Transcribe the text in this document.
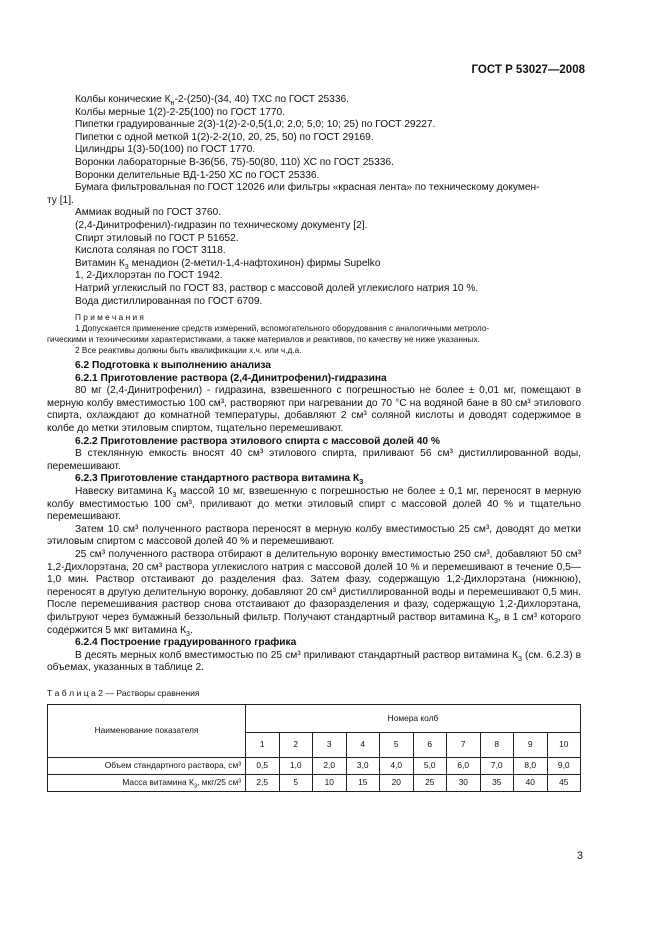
ГОСТ Р 53027—2008
Колбы конические $К_н-2-(250)-(34$, 40) ТХС по ГОСТ 25336.
Колбы мерные 1(2)-2-25(100) по ГОСТ 1770.
Пипетки градуированные 2(3)-1(2)-2-0,5(1,0; 2,0; 5,0; 10; 25) по ГОСТ 29227.
Пипетки с одной меткой 1(2)-2-2(10, 20, 25, 50) по ГОСТ 29169.
Цилиндры 1(3)-50(100) по ГОСТ 1770.
Воронки лабораторные В-36(56, 75)-50(80, 110) ХС по ГОСТ 25336.
Воронки делительные ВД-1-250 ХС по ГОСТ 25336.
Бумага фильтровальная по ГОСТ 12026 или фильтры «красная лента» по техническому докумен-
ту [1].
Аммиак водный по ГОСТ 3760.
(2,4-Динитрофенил)-гидразин по техническому документу [2].
Спирт этиловый по ГОСТ Р 51652.
Кислота соляная по ГОСТ 3118.
Витамин $К_3$ менадион (2-метил-1,4-нафтохинон) фирмы Supelko
1, 2-Дихлорэтан по ГОСТ 1942.
Натрий углекислый по ГОСТ 83, раствор с массовой долей углекислого натрия 10 %.
Вода дистиллированная по ГОСТ 6709.
П р и м е ч а н и я
1 Допускается применение средств измерений, вспомогательного оборудования с аналогичными метроло-
гическими и техническими характеристиками, а также материалов и реактивов, по качеству не ниже указанных.
2 Все реактивы должны быть квалификации х.ч. или ч.д.а.
6.2 Подготовка к выполнению анализа
6.2.1 Приготовление раствора (2,4-Динитрофенил)-гидразина
80 мг (2,4-Динитрофенил) - гидразина, взвешенного с погрешностью не более ± 0,01 мг, помещают в мерную колбу вместимостью 100 см³, растворяют при нагревании до 70 °С на водяной бане в 80 см³ этилового спирта, охлаждают до комнатной температуры, добавляют 2 см³ соляной кислоты и доводят содержимое в колбе до метки этиловым спиртом, тщательно перемешивают.
6.2.2 Приготовление раствора этилового спирта с массовой долей 40 %
В стеклянную емкость вносят 40 см³ этилового спирта, приливают 56 см³ дистиллированной воды, перемешивают.
6.2.3 Приготовление стандартного раствора витамина $К_3$
Навеску витамина $К_3$ массой 10 мг, взвешенную с погрешностью не более ± 0,1 мг, переносят в мерную колбу вместимостью 100 см³, приливают до метки этиловый спирт с массовой долей 40 % и тщательно перемешивают.
Затем 10 см³ полученного раствора переносят в мерную колбу вместимостью 25 см³, доводят до метки этиловым спиртом с массовой долей 40 % и перемешивают.
25 см³ полученного раствора отбирают в делительную воронку вместимостью 250 см³, добавляют 50 см³ 1,2-Дихлорэтана, 20 см³ раствора углекислого натрия с массовой долей 10 % и перемешивают в течение 0,5—1,0 мин. Раствор отстаивают до разделения фаз. Затем фазу, содержащую 1,2-Дихлорэтана (нижнюю), переносят в другую делительную воронку, добавляют 20 см³ дистиллированной воды и перемешивают 0,5 мин. После перемешивания раствор снова отстаивают до фазоразделения и фазу, содержащую 1,2-Дихлорэтана, фильтруют через бумажный беззольный фильтр. Получают стандартный раствор витамина $К_3$, в 1 см³ которого содержится 5 мкг витамина $К_3$.
6.2.4 Построение градуированного графика
В десять мерных колб вместимостью по 25 см³ приливают стандартный раствор витамина $К_3$ (см. 6.2.3) в объемах, указанных в таблице 2.
Т а б л и ц а 2 — Растворы сравнения
Наименование показателя	Номера колб									
	1	2	3	4	5	6	7	8	9	10
Объем стандартного раствора, см³	0,5	1,0	2,0	3,0	4,0	5,0	6,0	7,0	8,0	9,0
Масса витамина $К_3$, мкг/25 см³	2,5	5	10	15	20	25	30	35	40	45
3
